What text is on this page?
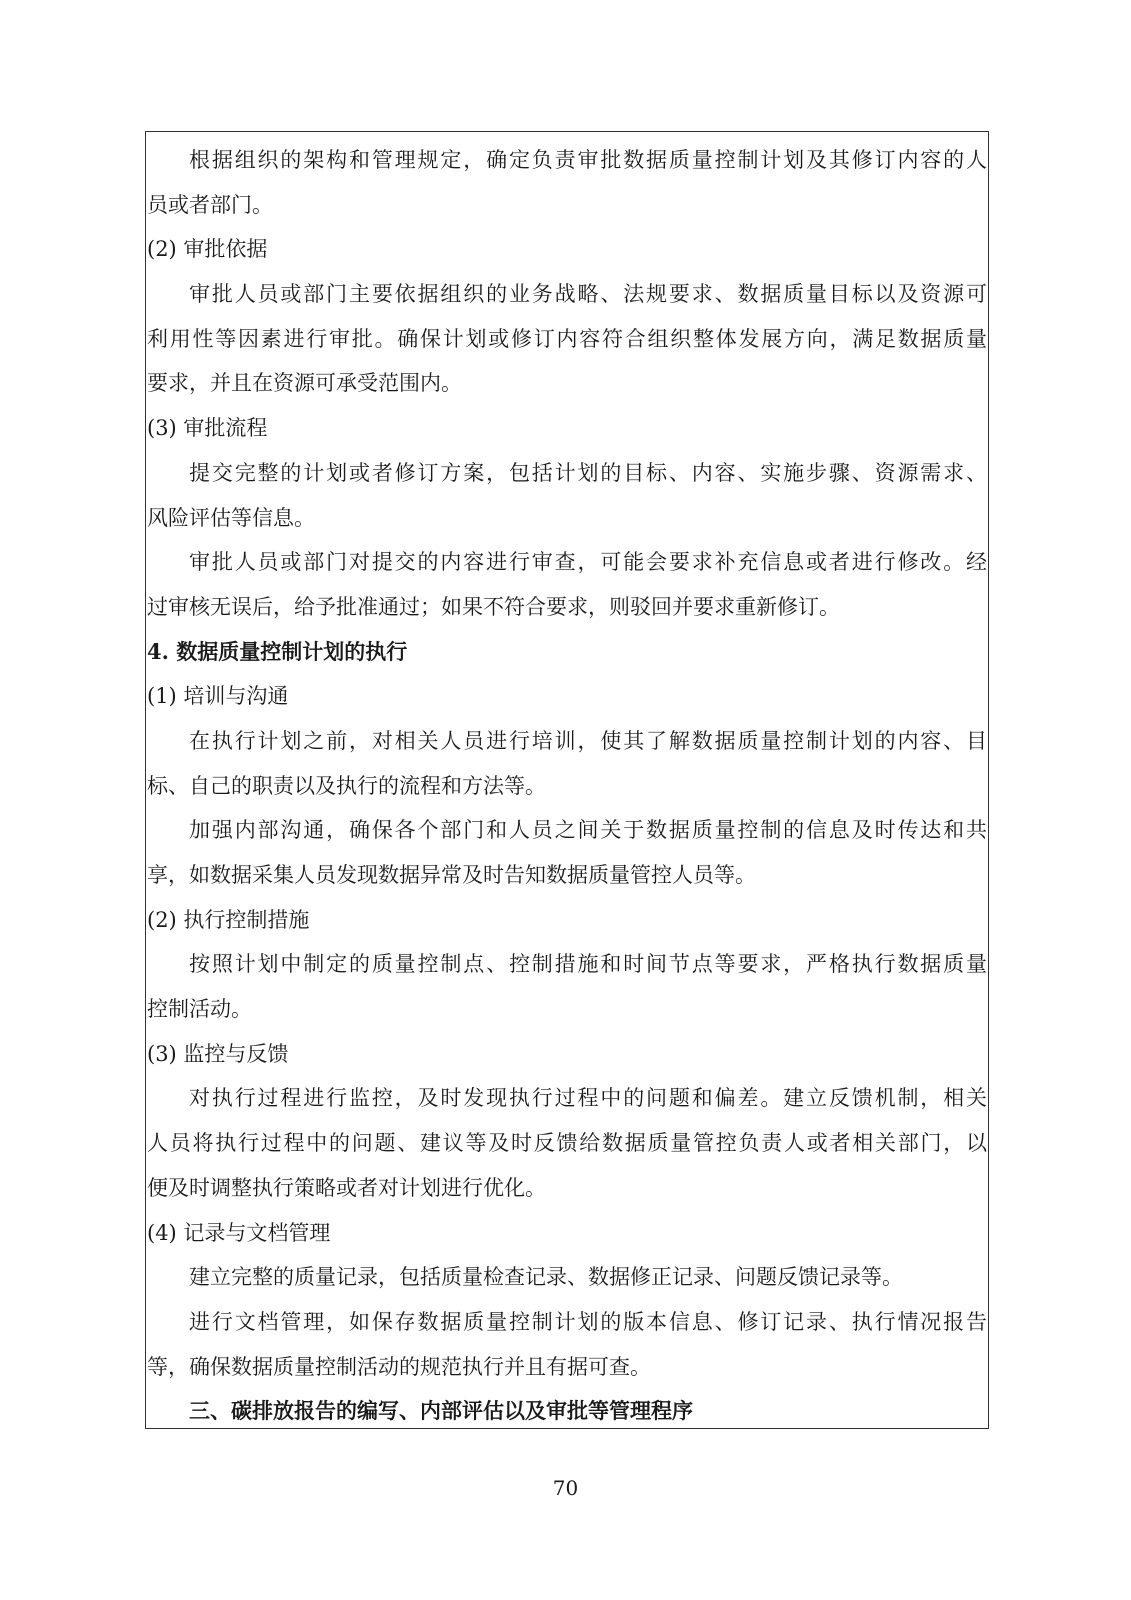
根据组织的架构和管理规定，确定负责审批数据质量控制计划及其修订内容的人
员或者部门。
(2) 审批依据
审批人员或部门主要依据组织的业务战略、法规要求、数据质量目标以及资源可
利用性等因素进行审批。确保计划或修订内容符合组织整体发展方向，满足数据质量
要求，并且在资源可承受范围内。
(3) 审批流程
提交完整的计划或者修订方案，包括计划的目标、内容、实施步骤、资源需求、
风险评估等信息。
审批人员或部门对提交的内容进行审查，可能会要求补充信息或者进行修改。经
过审核无误后，给予批准通过；如果不符合要求，则驳回并要求重新修订。
4. 数据质量控制计划的执行
(1) 培训与沟通
在执行计划之前，对相关人员进行培训，使其了解数据质量控制计划的内容、目
标、自己的职责以及执行的流程和方法等。
加强内部沟通，确保各个部门和人员之间关于数据质量控制的信息及时传达和共
享，如数据采集人员发现数据异常及时告知数据质量管控人员等。
(2) 执行控制措施
按照计划中制定的质量控制点、控制措施和时间节点等要求，严格执行数据质量
控制活动。
(3) 监控与反馈
对执行过程进行监控，及时发现执行过程中的问题和偏差。建立反馈机制，相关
人员将执行过程中的问题、建议等及时反馈给数据质量管控负责人或者相关部门，以
便及时调整执行策略或者对计划进行优化。
(4) 记录与文档管理
建立完整的质量记录，包括质量检查记录、数据修正记录、问题反馈记录等。
进行文档管理，如保存数据质量控制计划的版本信息、修订记录、执行情况报告
等，确保数据质量控制活动的规范执行并且有据可查。
三、碳排放报告的编写、内部评估以及审批等管理程序
70
